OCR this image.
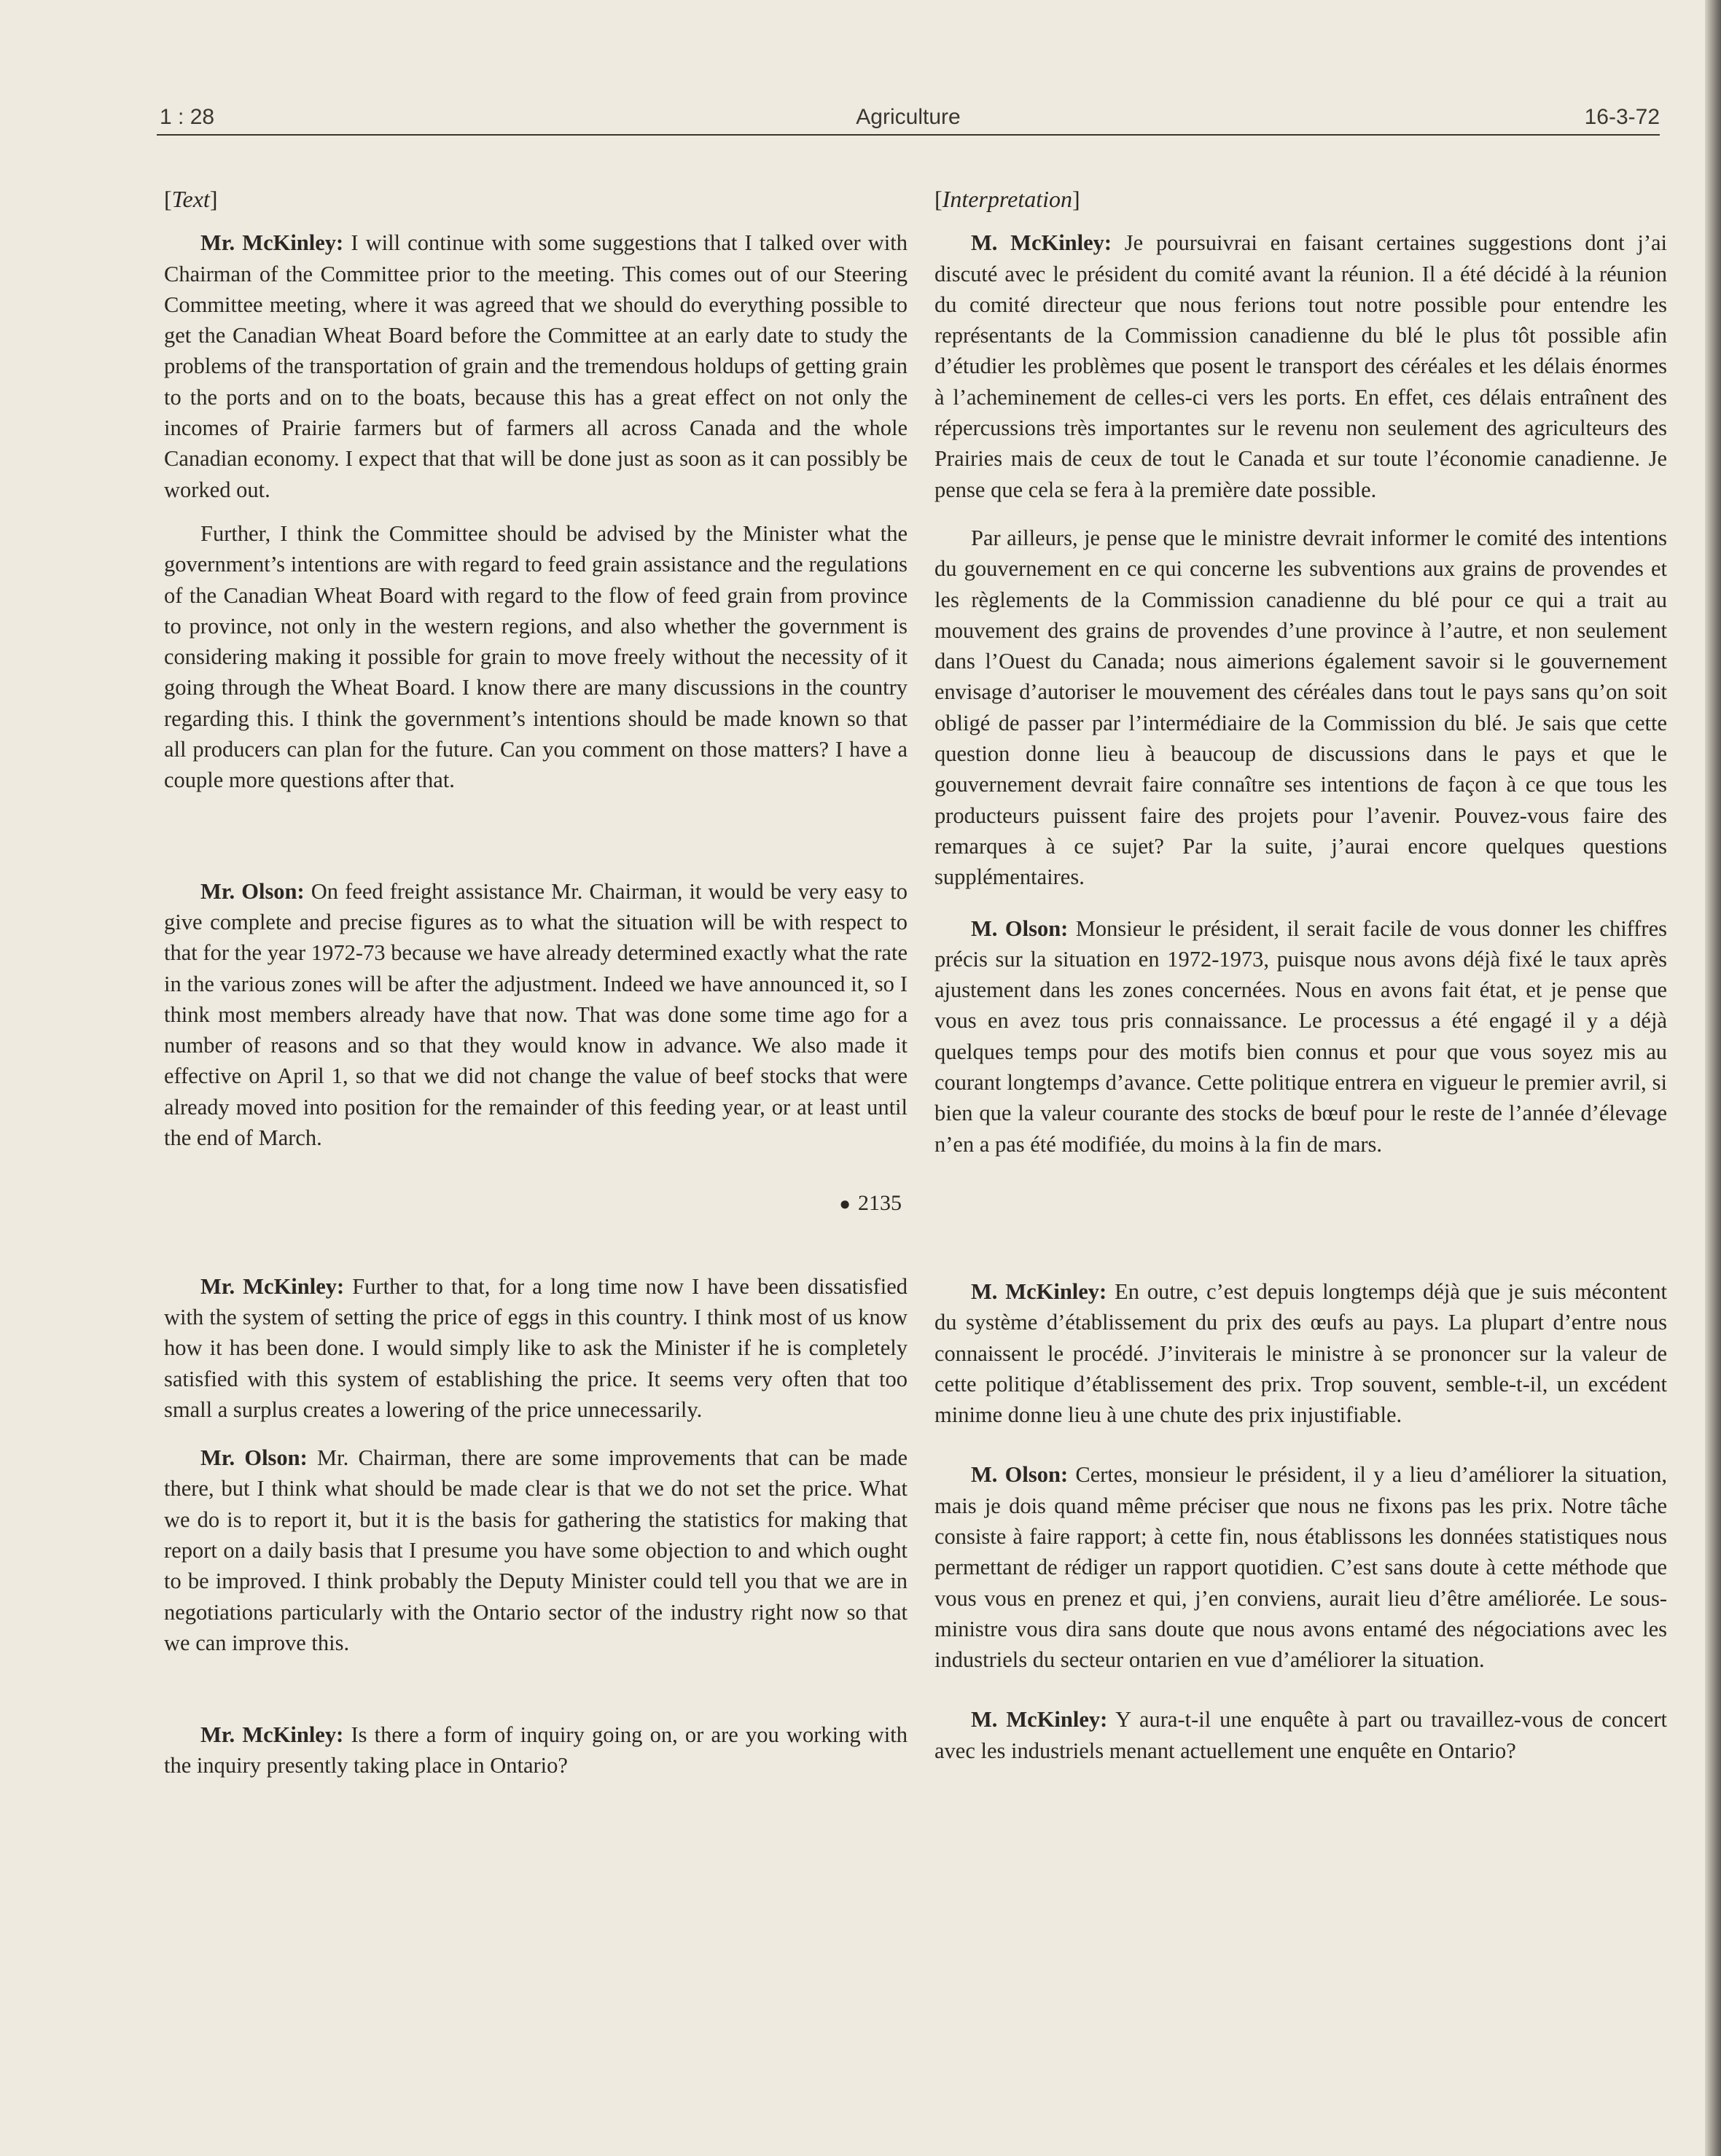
1 : 28	Agriculture	16-3-72
[Text]

Mr. McKinley: I will continue with some suggestions that I talked over with Chairman of the Committee prior to the meeting. This comes out of our Steering Committee meeting, where it was agreed that we should do everything possible to get the Canadian Wheat Board before the Committee at an early date to study the problems of the transportation of grain and the tremendous holdups of getting grain to the ports and on to the boats, because this has a great effect on not only the incomes of Prairie farmers but of farmers all across Canada and the whole Canadian economy. I expect that that will be done just as soon as it can possibly be worked out.

Further, I think the Committee should be advised by the Minister what the government’s intentions are with regard to feed grain assistance and the regulations of the Canadian Wheat Board with regard to the flow of feed grain from province to province, not only in the western regions, and also whether the government is considering making it possible for grain to move freely without the necessity of it going through the Wheat Board. I know there are many discussions in the country regarding this. I think the government’s intentions should be made known so that all producers can plan for the future. Can you comment on those matters? I have a couple more questions after that.

Mr. Olson: On feed freight assistance Mr. Chairman, it would be very easy to give complete and precise figures as to what the situation will be with respect to that for the year 1972-73 because we have already determined exactly what the rate in the various zones will be after the adjustment. Indeed we have announced it, so I think most members already have that now. That was done some time ago for a number of reasons and so that they would know in advance. We also made it effective on April 1, so that we did not change the value of beef stocks that were already moved into position for the remainder of this feeding year, or at least until the end of March.

● 2135

Mr. McKinley: Further to that, for a long time now I have been dissatisfied with the system of setting the price of eggs in this country. I think most of us know how it has been done. I would simply like to ask the Minister if he is completely satisfied with this system of establishing the price. It seems very often that too small a surplus creates a lowering of the price unnecessarily.

Mr. Olson: Mr. Chairman, there are some improvements that can be made there, but I think what should be made clear is that we do not set the price. What we do is to report it, but it is the basis for gathering the statistics for making that report on a daily basis that I presume you have some objection to and which ought to be improved. I think probably the Deputy Minister could tell you that we are in negotiations particularly with the Ontario sector of the industry right now so that we can improve this.

Mr. McKinley: Is there a form of inquiry going on, or are you working with the inquiry presently taking place in Ontario?

[Interpretation]

M. McKinley: Je poursuivrai en faisant certaines suggestions dont j’ai discuté avec le président du comité avant la réunion. Il a été décidé à la réunion du comité directeur que nous ferions tout notre possible pour entendre les représentants de la Commission canadienne du blé le plus tôt possible afin d’étudier les problèmes que posent le transport des céréales et les délais énormes à l’acheminement de celles-ci vers les ports. En effet, ces délais entraînent des répercussions très importantes sur le revenu non seulement des agriculteurs des Prairies mais de ceux de tout le Canada et sur toute l’économie canadienne. Je pense que cela se fera à la première date possible.

Par ailleurs, je pense que le ministre devrait informer le comité des intentions du gouvernement en ce qui concerne les subventions aux grains de provendes et les règlements de la Commission canadienne du blé pour ce qui a trait au mouvement des grains de provendes d’une province à l’autre, et non seulement dans l’Ouest du Canada; nous aimerions également savoir si le gouvernement envisage d’autoriser le mouvement des céréales dans tout le pays sans qu’on soit obligé de passer par l’intermédiaire de la Commission du blé. Je sais que cette question donne lieu à beaucoup de discussions dans le pays et que le gouvernement devrait faire connaître ses intentions de façon à ce que tous les producteurs puissent faire des projets pour l’avenir. Pouvez-vous faire des remarques à ce sujet? Par la suite, j’aurai encore quelques questions supplémentaires.

M. Olson: Monsieur le président, il serait facile de vous donner les chiffres précis sur la situation en 1972-1973, puisque nous avons déjà fixé le taux après ajustement dans les zones concernées. Nous en avons fait état, et je pense que vous en avez tous pris connaissance. Le processus a été engagé il y a déjà quelques temps pour des motifs bien connus et pour que vous soyez mis au courant longtemps d’avance. Cette politique entrera en vigueur le premier avril, si bien que la valeur courante des stocks de bœuf pour le reste de l’année d’élevage n’en a pas été modifiée, du moins à la fin de mars.

M. McKinley: En outre, c’est depuis longtemps déjà que je suis mécontent du système d’établissement du prix des œufs au pays. La plupart d’entre nous connaissent le procédé. J’inviterais le ministre à se prononcer sur la valeur de cette politique d’établissement des prix. Trop souvent, semble-t-il, un excédent minime donne lieu à une chute des prix injustifiable.

M. Olson: Certes, monsieur le président, il y a lieu d’améliorer la situation, mais je dois quand même préciser que nous ne fixons pas les prix. Notre tâche consiste à faire rapport; à cette fin, nous établissons les données statistiques nous permettant de rédiger un rapport quotidien. C’est sans doute à cette méthode que vous vous en prenez et qui, j’en conviens, aurait lieu d’être améliorée. Le sous-ministre vous dira sans doute que nous avons entamé des négociations avec les industriels du secteur ontarien en vue d’améliorer la situation.

M. McKinley: Y aura-t-il une enquête à part ou travaillez-vous de concert avec les industriels menant actuellement une enquête en Ontario?
